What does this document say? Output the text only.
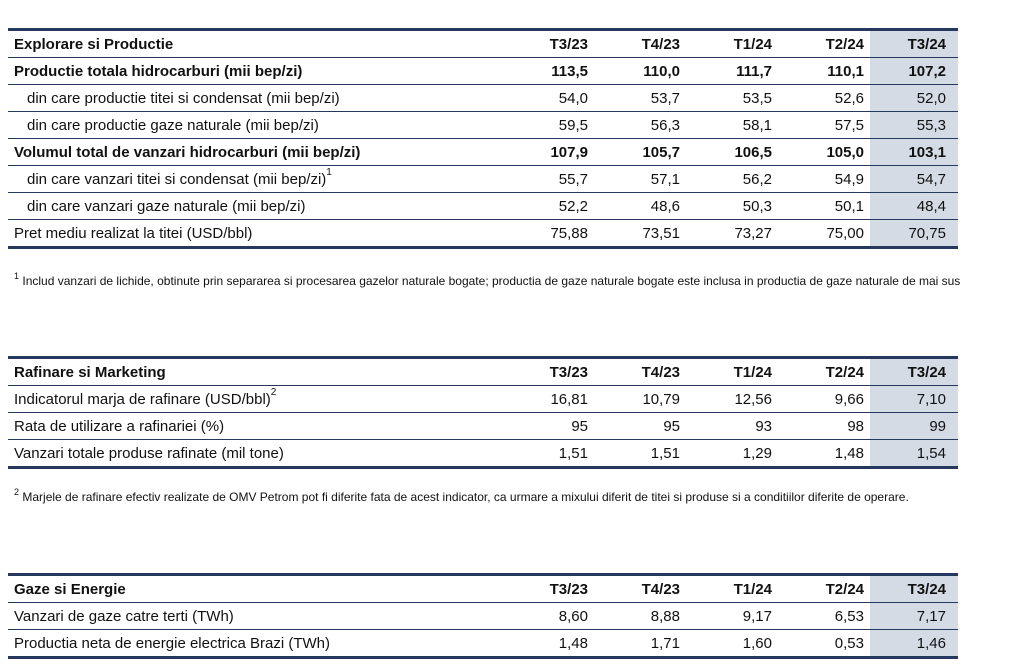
Explorare si Productie	T3/23	T4/23	T1/24	T2/24	T3/24
Productie totala hidrocarburi (mii bep/zi)	113,5	110,0	111,7	110,1	107,2
din care productie titei si condensat (mii bep/zi)	54,0	53,7	53,5	52,6	52,0
din care productie gaze naturale (mii bep/zi)	59,5	56,3	58,1	57,5	55,3
Volumul total de vanzari hidrocarburi (mii bep/zi)	107,9	105,7	106,5	105,0	103,1
din care vanzari titei si condensat (mii bep/zi)$^1$	55,7	57,1	56,2	54,9	54,7
din care vanzari gaze naturale (mii bep/zi)	52,2	48,6	50,3	50,1	48,4
Pret mediu realizat la titei (USD/bbl)	75,88	73,51	73,27	75,00	70,75
$^1$ Includ vanzari de lichide, obtinute prin separarea si procesarea gazelor naturale bogate; productia de gaze naturale bogate este inclusa in productia de gaze naturale de mai sus
Rafinare si Marketing	T3/23	T4/23	T1/24	T2/24	T3/24
Indicatorul marja de rafinare $(USD/bbl)^2$	16,81	10,79	12,56	9,66	7,10
Rata de utilizare a rafinariei (%)	95	95	93	98	99
Vanzari totale produse rafinate (mil tone)	1,51	1,51	1,29	1,48	1,54
$^2$ Marjele de rafinare efectiv realizate de OMV Petrom pot fi diferite fata de acest indicator, ca urmare a mixului diferit de titei si produse si a conditiilor diferite de operare.
Gaze si Energie	T3/23	T4/23	T1/24	T2/24	T3/24
Vanzari de gaze catre terti (TWh)	8,60	8,88	9,17	6,53	7,17
Productia neta de energie electrica Brazi (TWh)	1,48	1,71	1,60	0,53	1,46
